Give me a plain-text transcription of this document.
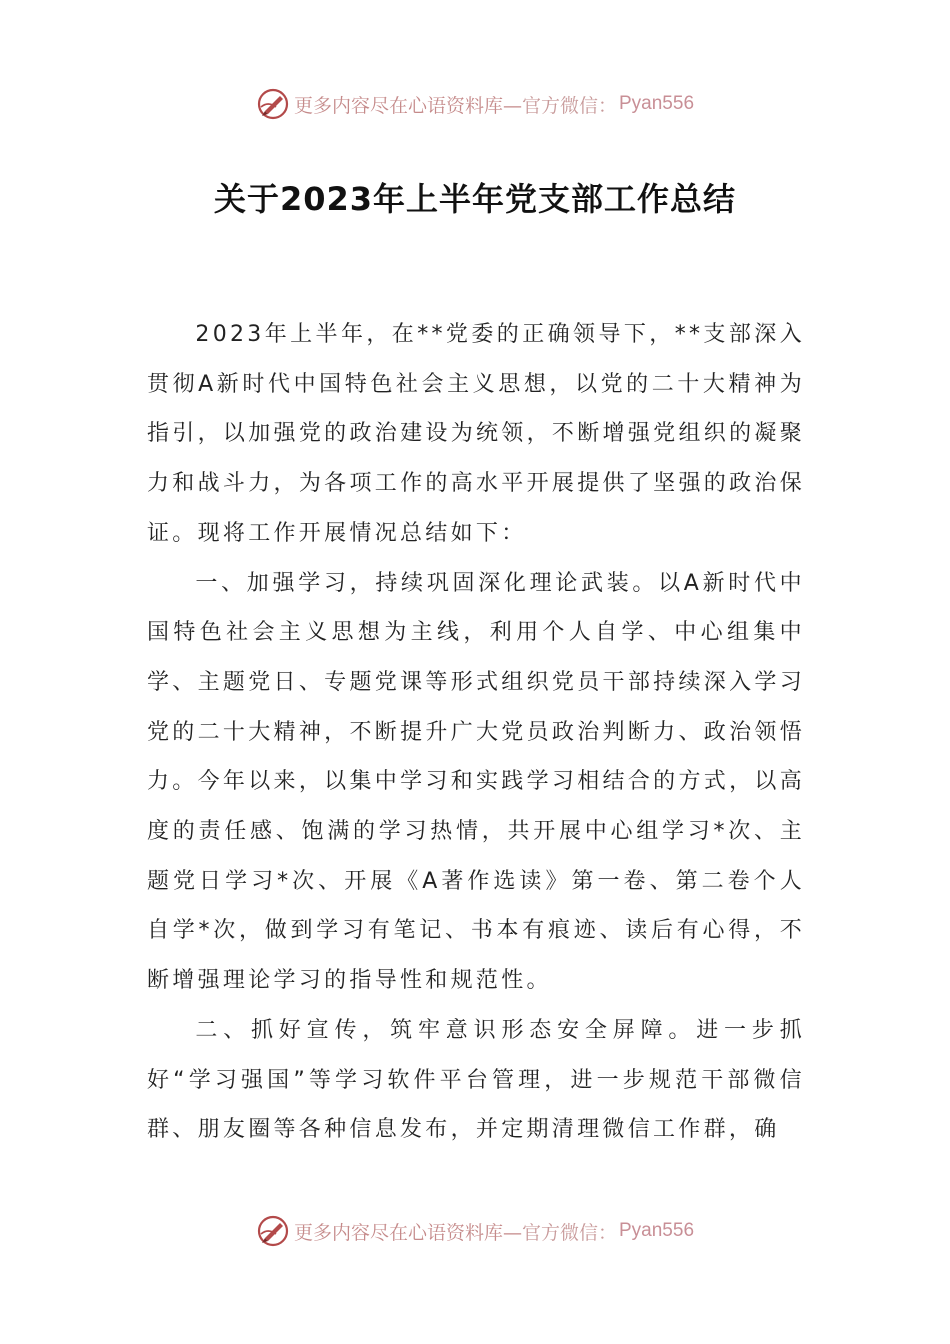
更多内容尽在心语资料库— 官方微信： Pyan556
关于2023年上半年党支部工作总结

2023年上半年，在**党委的正确领导下，**支部深入贯彻A新时代中国特色社会主义思想，以党的二十大精神为指引，以加强党的政治建设为统领，不断增强党组织的凝聚力和战斗力，为各项工作的高水平开展提供了坚强的政治保证。现将工作开展情况总结如下：

一、加强学习，持续巩固深化理论武装。以A新时代中国特色社会主义思想为主线，利用个人自学、中心组集中学、主题党日、专题党课等形式组织党员干部持续深入学习党的二十大精神，不断提升广大党员政治判断力、政治领悟力。今年以来，以集中学习和实践学习相结合的方式，以高度的责任感、饱满的学习热情，共开展中心组学习*次、主题党日学习*次、开展《A著作选读》第一卷、第二卷个人自学*次，做到学习有笔记、书本有痕迹、读后有心得，不断增强理论学习的指导性和规范性。

二、抓好宣传，筑牢意识形态安全屏障。进一步抓好“学习强国”等学习软件平台管理，进一步规范干部微信群、朋友圈等各种信息发布，并定期清理微信工作群，确

更多内容尽在心语资料库— 官方微信： Pyan556
